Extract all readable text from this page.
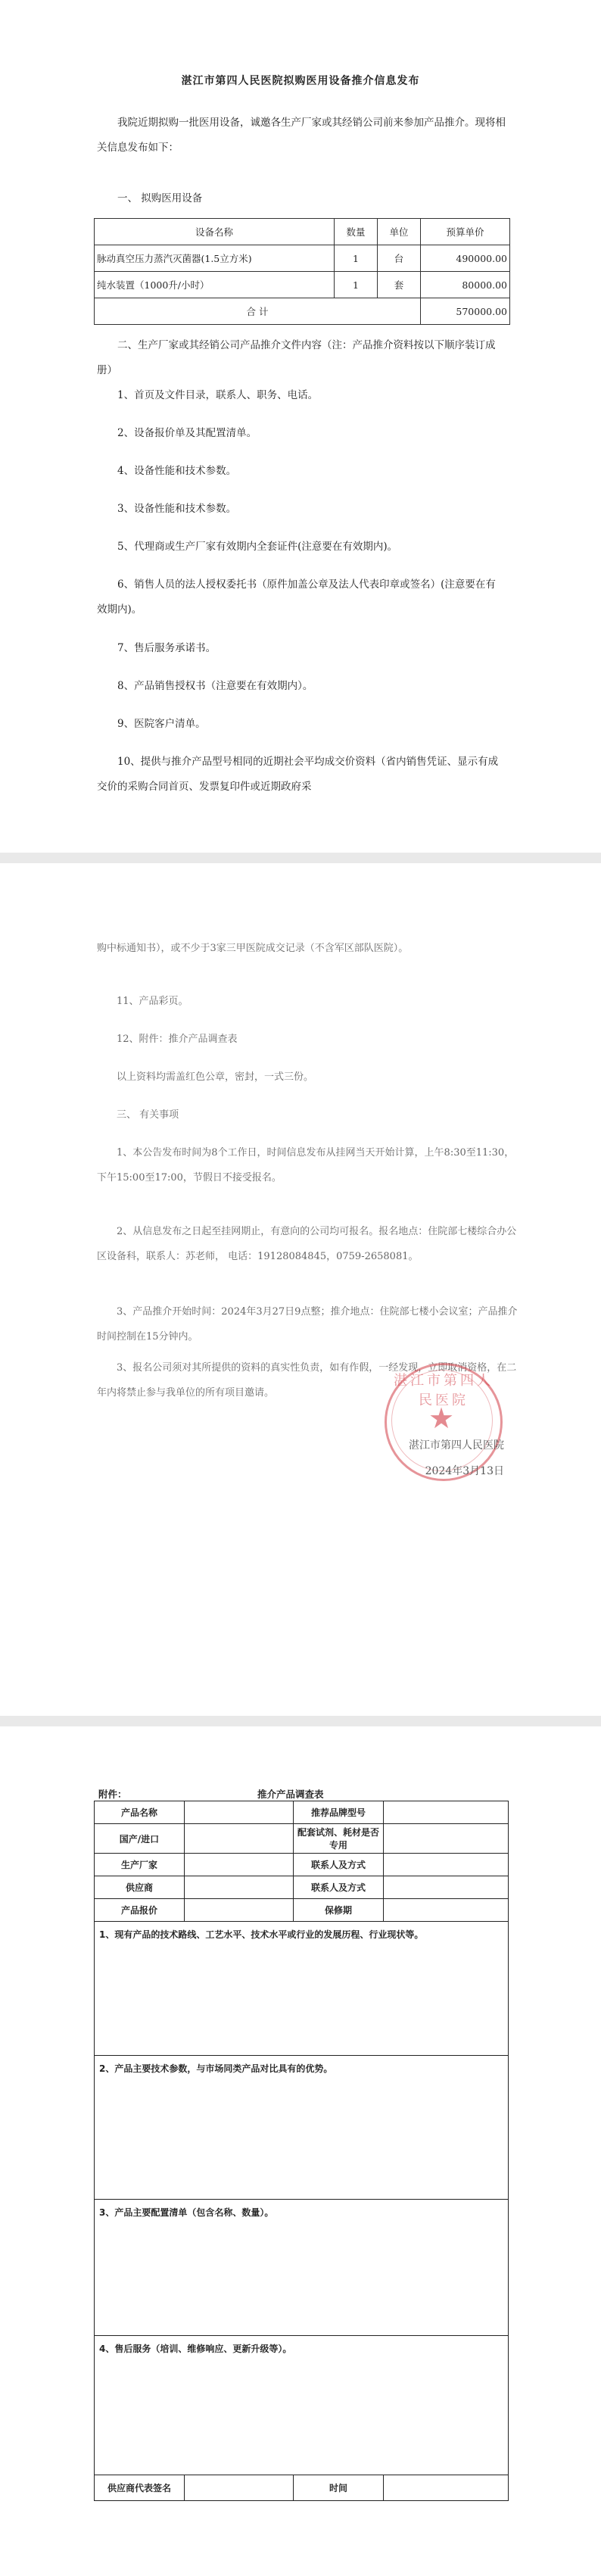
湛江市第四人民医院拟购医用设备推介信息发布
我院近期拟购一批医用设备，诚邀各生产厂家或其经销公司前来参加产品推介。现将相关信息发布如下：
一、 拟购医用设备
设备名称	数量	单位	预算单价
脉动真空压力蒸汽灭菌器(1.5立方米)	1	台	490000.00
纯水装置（1000升/小时）	1	套	80000.00
合 计			570000.00
二、生产厂家或其经销公司产品推介文件内容（注：产品推介资料按以下顺序装订成册）
1、首页及文件目录，联系人、职务、电话。
2、设备报价单及其配置清单。
4、设备性能和技术参数。
3、设备性能和技术参数。
5、代理商或生产厂家有效期内全套证件(注意要在有效期内)。
6、销售人员的法人授权委托书（原件加盖公章及法人代表印章或签名）(注意要在有效期内)。
7、售后服务承诺书。
8、产品销售授权书（注意要在有效期内）。
9、医院客户清单。
10、提供与推介产品型号相同的近期社会平均成交价资料（省内销售凭证、显示有成交价的采购合同首页、发票复印件或近期政府采
购中标通知书），或不少于3家三甲医院成交记录（不含军区部队医院）。
11、产品彩页。
12、附件：推介产品调查表
以上资料均需盖红色公章，密封，一式三份。
三、 有关事项
1、本公告发布时间为8个工作日，时间信息发布从挂网当天开始计算，上午8:30至11:30，下午15:00至17:00，节假日不接受报名。
2、从信息发布之日起至挂网期止，有意向的公司均可报名。报名地点：住院部七楼综合办公区设备科，联系人：苏老师， 电话：19128084845，0759-2658081。
3、产品推介开始时间：2024年3月27日9点整；推介地点：住院部七楼小会议室；产品推介时间控制在15分钟内。
3、报名公司须对其所提供的资料的真实性负责，如有作假，一经发现，立即取消资格，在二年内将禁止参与我单位的所有项目邀请。
湛江市第四人民医院
★
湛江市第四人民医院
2024年3月13日
附件：	推介产品调查表
产品名称		推荐品牌型号	
国产/进口		配套试剂、耗材是否专用	
生产厂家		联系人及方式	
供应商		联系人及方式	
产品报价		保修期	
1、现有产品的技术路线、工艺水平、技术水平或行业的发展历程、行业现状等。			
2、产品主要技术参数，与市场同类产品对比具有的优势。			
3、产品主要配置清单（包含名称、数量）。			
4、售后服务（培训、维修响应、更新升级等）。			
供应商代表签名		时间	
